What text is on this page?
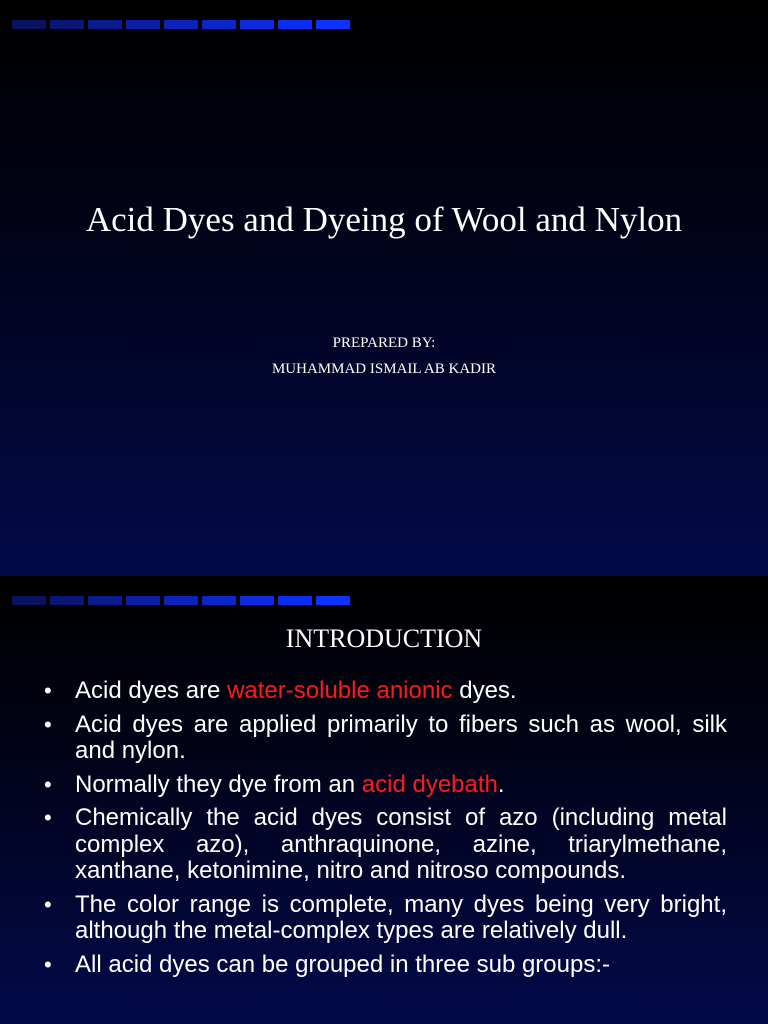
Acid Dyes and Dyeing of Wool and Nylon
PREPARED BY:
MUHAMMAD ISMAIL AB KADIR
INTRODUCTION
• Acid dyes are water-soluble anionic dyes.
• Acid dyes are applied primarily to fibers such as wool, silk and nylon.
• Normally they dye from an acid dyebath.
• Chemically the acid dyes consist of azo (including metal complex azo), anthraquinone, azine, triarylmethane, xanthane, ketonimine, nitro and nitroso compounds.
• The color range is complete, many dyes being very bright, although the metal-complex types are relatively dull.
• All acid dyes can be grouped in three sub groups:-
